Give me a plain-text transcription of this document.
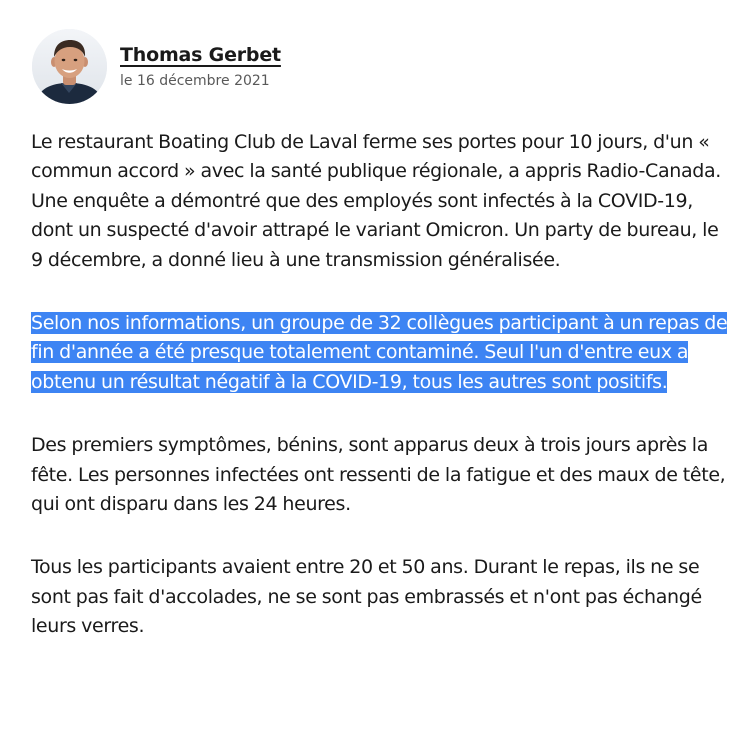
Thomas Gerbet
le 16 décembre 2021

Le restaurant Boating Club de Laval ferme ses portes pour 10 jours, d'un « commun accord » avec la santé publique régionale, a appris Radio-Canada. Une enquête a démontré que des employés sont infectés à la COVID-19, dont un suspecté d'avoir attrapé le variant Omicron. Un party de bureau, le 9 décembre, a donné lieu à une transmission généralisée.

Selon nos informations, un groupe de 32 collègues participant à un repas de fin d'année a été presque totalement contaminé. Seul l'un d'entre eux a obtenu un résultat négatif à la COVID-19, tous les autres sont positifs.

Des premiers symptômes, bénins, sont apparus deux à trois jours après la fête. Les personnes infectées ont ressenti de la fatigue et des maux de tête, qui ont disparu dans les 24 heures.

Tous les participants avaient entre 20 et 50 ans. Durant le repas, ils ne se sont pas fait d'accolades, ne se sont pas embrassés et n'ont pas échangé leurs verres.
